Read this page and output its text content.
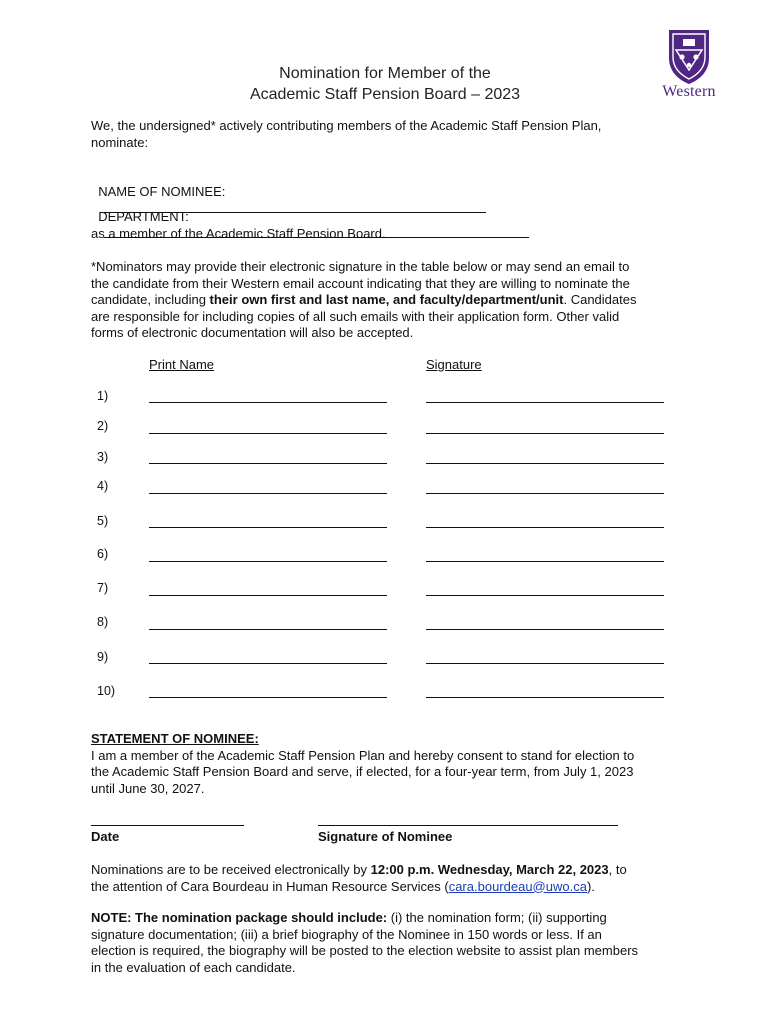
Western
Nomination for Member of the
Academic Staff Pension Board – 2023
We, the undersigned* actively contributing members of the Academic Staff Pension Plan,
nominate:

NAME OF NOMINEE:

DEPARTMENT:

as a member of the Academic Staff Pension Board.
*Nominators may provide their electronic signature in the table below or may send an email to
the candidate from their Western email account indicating that they are willing to nominate the
candidate, including their own first and last name, and faculty/department/unit. Candidates
are responsible for including copies of all such emails with their application form. Other valid
forms of electronic documentation will also be accepted.
Print Name	Signature
1)
2)
3)
4)
5)
6)
7)
8)
9)
10)
STATEMENT OF NOMINEE:
I am a member of the Academic Staff Pension Plan and hereby consent to stand for election to
the Academic Staff Pension Board and serve, if elected, for a four-year term, from July 1, 2023
until June 30, 2027.
Date	Signature of Nominee
Nominations are to be received electronically by 12:00 p.m. Wednesday, March 22, 2023, to
the attention of Cara Bourdeau in Human Resource Services (cara.bourdeau@uwo.ca).
NOTE: The nomination package should include: (i) the nomination form; (ii) supporting
signature documentation; (iii) a brief biography of the Nominee in 150 words or less. If an
election is required, the biography will be posted to the election website to assist plan members
in the evaluation of each candidate.
